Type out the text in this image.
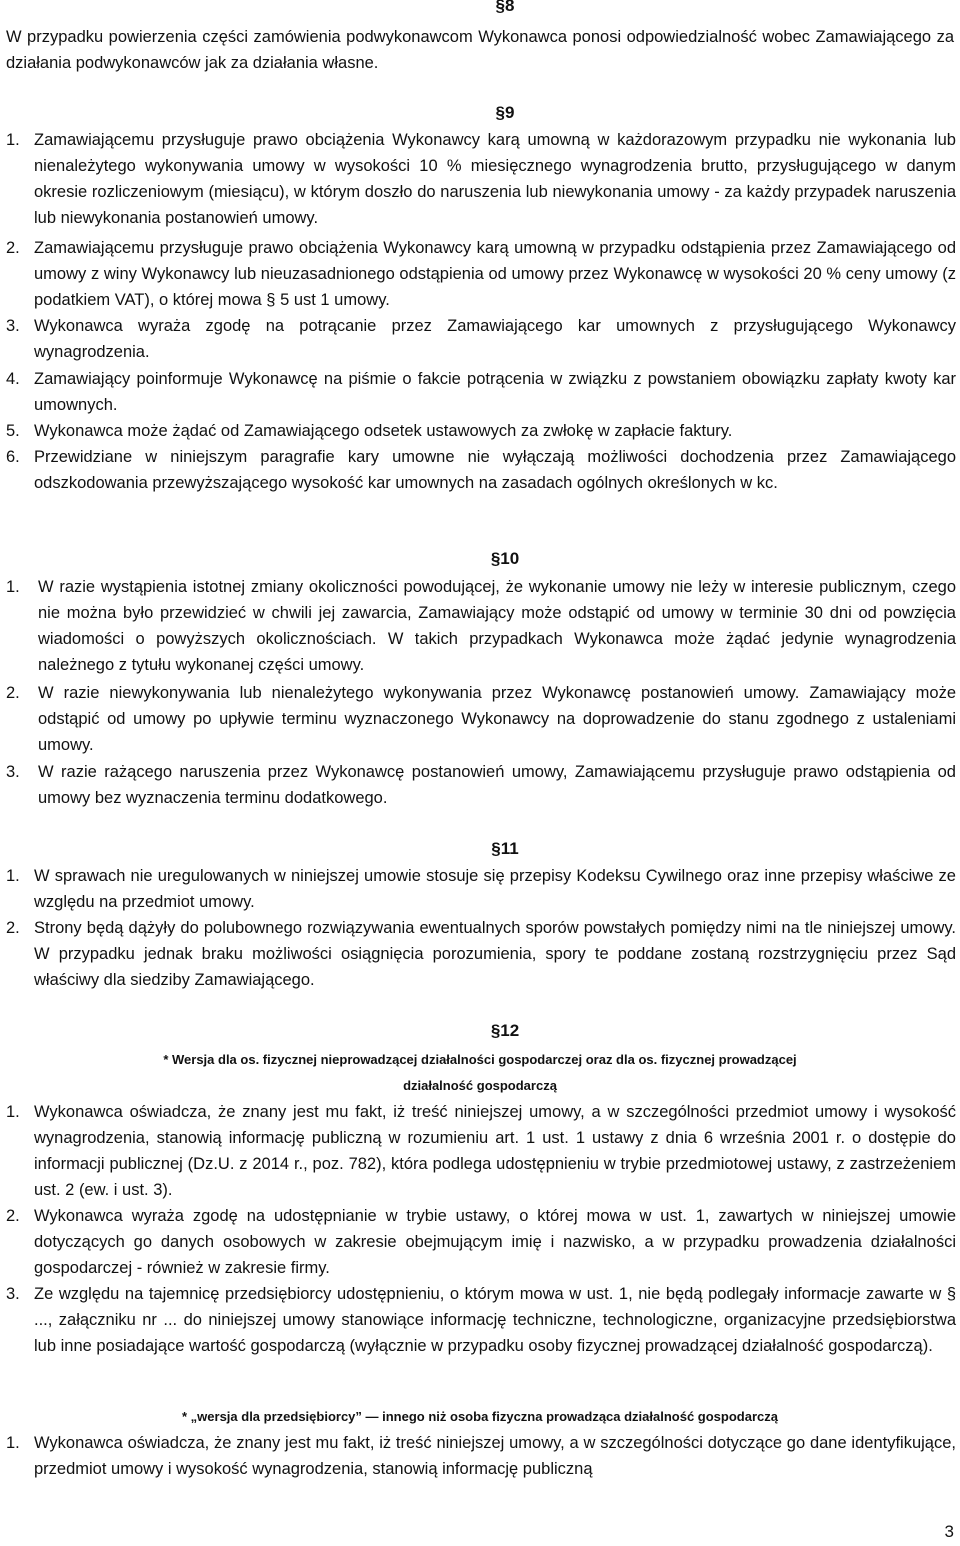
§8

W przypadku powierzenia części zamówienia podwykonawcom Wykonawca ponosi odpowiedzialność wobec Zamawiającego za działania podwykonawców jak za działania własne.

§9

1. Zamawiającemu przysługuje prawo obciążenia Wykonawcy karą umowną w każdorazowym przypadku nie wykonania lub nienależytego wykonywania umowy w wysokości 10 % miesięcznego wynagrodzenia brutto, przysługującego w danym okresie rozliczeniowym (miesiącu), w którym doszło do naruszenia lub niewykonania umowy - za każdy przypadek naruszenia lub niewykonania postanowień umowy.
2. Zamawiającemu przysługuje prawo obciążenia Wykonawcy karą umowną w przypadku odstąpienia przez Zamawiającego od umowy z winy Wykonawcy lub nieuzasadnionego odstąpienia od umowy przez Wykonawcę w wysokości 20 % ceny umowy (z podatkiem VAT), o której mowa § 5 ust 1 umowy.
3. Wykonawca wyraża zgodę na potrącanie przez Zamawiającego kar umownych z przysługującego Wykonawcy wynagrodzenia.
4. Zamawiający poinformuje Wykonawcę na piśmie o fakcie potrącenia w związku z powstaniem obowiązku zapłaty kwoty kar umownych.
5. Wykonawca może żądać od Zamawiającego odsetek ustawowych za zwłokę w zapłacie faktury.
6. Przewidziane w niniejszym paragrafie kary umowne nie wyłączają możliwości dochodzenia przez Zamawiającego odszkodowania przewyższającego wysokość kar umownych na zasadach ogólnych określonych w kc.

§10

1.	W razie wystąpienia istotnej zmiany okoliczności powodującej, że wykonanie umowy nie leży w interesie publicznym, czego nie można było przewidzieć w chwili jej zawarcia, Zamawiający może odstąpić od umowy w terminie 30 dni od powzięcia wiadomości o powyższych okolicznościach. W takich przypadkach Wykonawca może żądać jedynie wynagrodzenia należnego z tytułu wykonanej części umowy.
2.	W razie niewykonywania lub nienależytego wykonywania przez Wykonawcę postanowień umowy. Zamawiający może odstąpić od umowy po upływie terminu wyznaczonego Wykonawcy na doprowadzenie do stanu zgodnego z ustaleniami umowy.
3.	W razie rażącego naruszenia przez Wykonawcę postanowień umowy, Zamawiającemu przysługuje prawo odstąpienia od umowy bez wyznaczenia terminu dodatkowego.

§11

1. W sprawach nie uregulowanych w niniejszej umowie stosuje się przepisy Kodeksu Cywilnego oraz inne przepisy właściwe ze względu na przedmiot umowy.
2. Strony będą dążyły do polubownego rozwiązywania ewentualnych sporów powstałych pomiędzy nimi na tle niniejszej umowy. W przypadku jednak braku możliwości osiągnięcia porozumienia, spory te poddane zostaną rozstrzygnięciu przez Sąd właściwy dla siedziby Zamawiającego.

§12

* Wersja dla os. fizycznej nieprowadzącej działalności gospodarczej oraz dla os. fizycznej prowadzącej

działalność gospodarczą

1. Wykonawca oświadcza, że znany jest mu fakt, iż treść niniejszej umowy, a w szczególności przedmiot umowy i wysokość wynagrodzenia, stanowią informację publiczną w rozumieniu art. 1 ust. 1 ustawy z dnia 6 września 2001 r. o dostępie do informacji publicznej (Dz.U. z 2014 r., poz. 782), która podlega udostępnieniu w trybie przedmiotowej ustawy, z zastrzeżeniem ust. 2 (ew. i ust. 3).
2. Wykonawca wyraża zgodę na udostępnianie w trybie ustawy, o której mowa w ust. 1, zawartych w niniejszej umowie dotyczących go danych osobowych w zakresie obejmującym imię i nazwisko, a w przypadku prowadzenia działalności gospodarczej - również w zakresie firmy.
3. Ze względu na tajemnicę przedsiębiorcy udostępnieniu, o którym mowa w ust. 1, nie będą podlegały informacje zawarte w § ..., załączniku nr ... do niniejszej umowy stanowiące informację techniczne, technologiczne, organizacyjne przedsiębiorstwa lub inne posiadające wartość gospodarczą (wyłącznie w przypadku osoby fizycznej prowadzącej działalność gospodarczą).

* „wersja dla przedsiębiorcy” — innego niż osoba fizyczna prowadząca działalność gospodarczą

1. Wykonawca oświadcza, że znany jest mu fakt, iż treść niniejszej umowy, a w szczególności dotyczące go dane identyfikujące, przedmiot umowy i wysokość wynagrodzenia, stanowią informację publiczną
3
